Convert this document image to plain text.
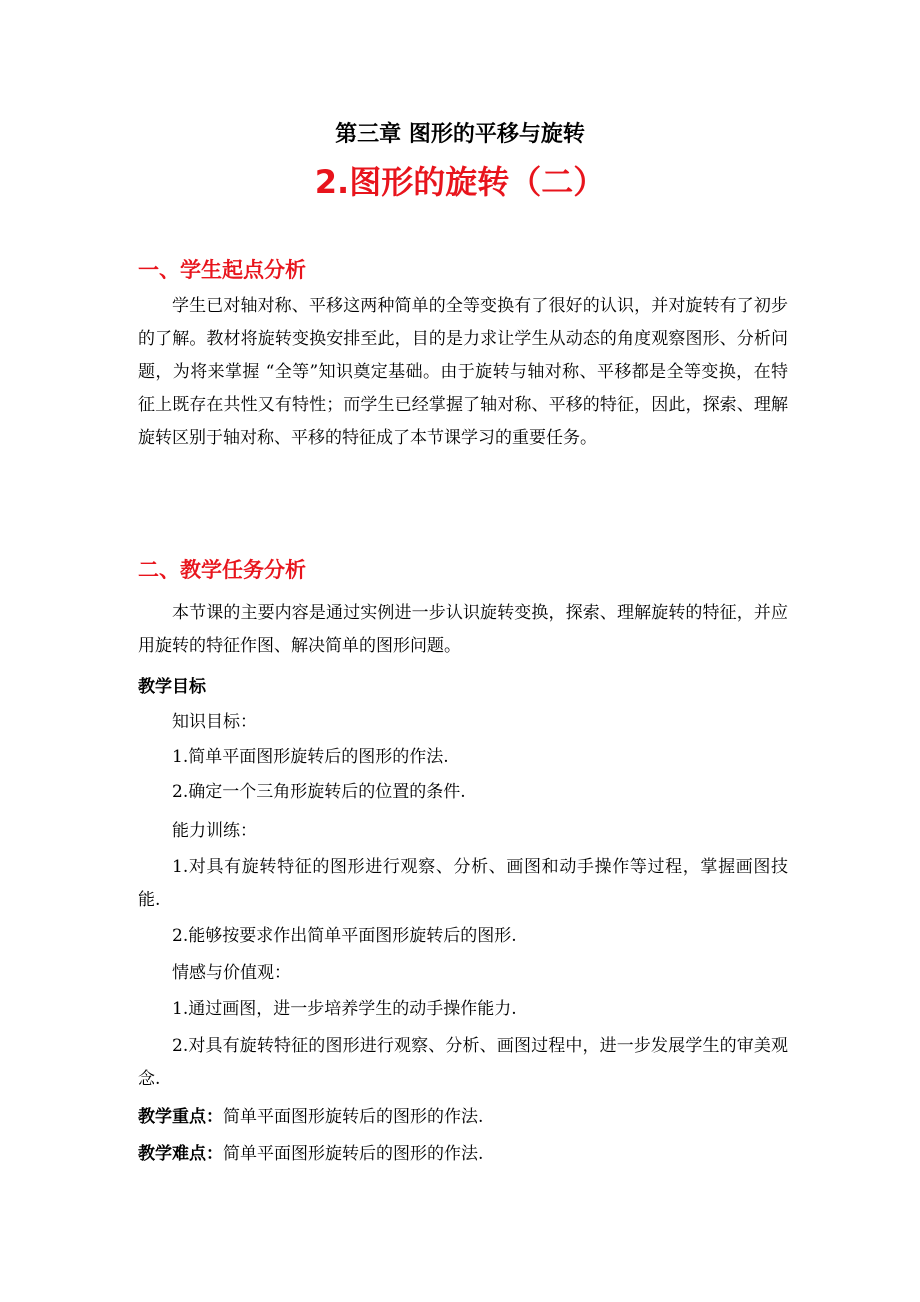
第三章 图形的平移与旋转
2.图形的旋转（二）
一、学生起点分析

学生已对轴对称、平移这两种简单的全等变换有了很好的认识，并对旋转有了初步的了解。教材将旋转变换安排至此，目的是力求让学生从动态的角度观察图形、分析问题，为将来掌握 “全等”知识奠定基础。由于旋转与轴对称、平移都是全等变换，在特征上既存在共性又有特性；而学生已经掌握了轴对称、平移的特征，因此，探索、理解旋转区别于轴对称、平移的特征成了本节课学习的重要任务。

二、教学任务分析

本节课的主要内容是通过实例进一步认识旋转变换，探索、理解旋转的特征，并应用旋转的特征作图、解决简单的图形问题。

教学目标
知识目标：
1.简单平面图形旋转后的图形的作法.
2.确定一个三角形旋转后的位置的条件.
能力训练：

1.对具有旋转特征的图形进行观察、分析、画图和动手操作等过程，掌握画图技能.

2.能够按要求作出简单平面图形旋转后的图形.
情感与价值观：
1.通过画图，进一步培养学生的动手操作能力.

2.对具有旋转特征的图形进行观察、分析、画图过程中，进一步发展学生的审美观念.

教学重点：简单平面图形旋转后的图形的作法.
教学难点：简单平面图形旋转后的图形的作法.
